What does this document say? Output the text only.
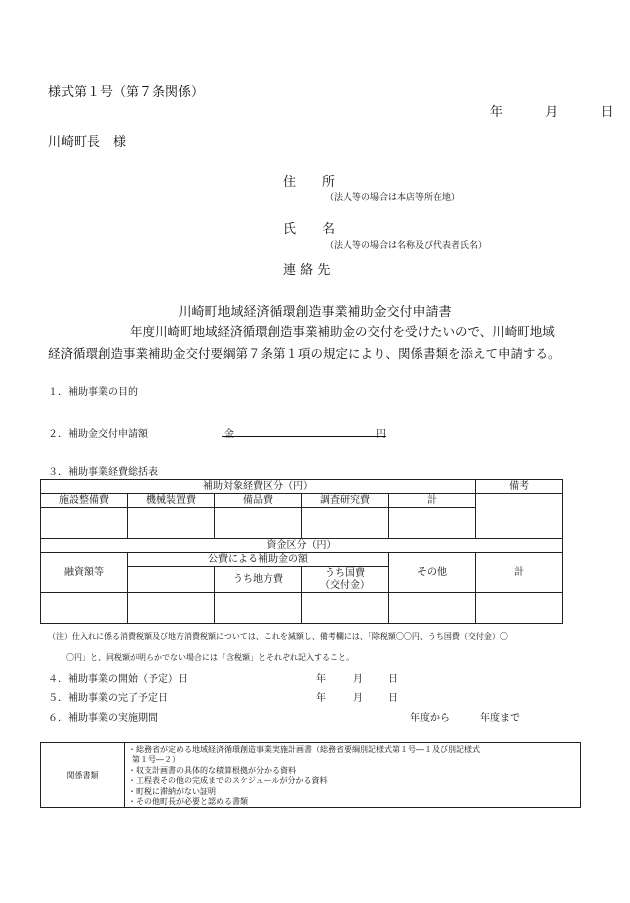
様式第１号（第７条関係）
年	月	日
川崎町長　様
住　　所
（法人等の場合は本店等所在地）
氏　　名
（法人等の場合は名称及び代表者氏名）
連 絡 先
川崎町地域経済循環創造事業補助金交付申請書
年度川崎町地域経済循環創造事業補助金の交付を受けたいので、川崎町地域
経済循環創造事業補助金交付要綱第７条第１項の規定により、関係書類を添えて申請する。
１．補助事業の目的
２．補助金交付申請額	金	円
３．補助事業経費総括表
補助対象経費区分（円）					備考
施設整備費	機械装置費	備品費	調査研究費	計	

資金区分（円）					
融資額等	公費による補助金の額			その他	計
		うち地方費	うち国費
（交付金）		

（注）仕入れに係る消費税額及び地方消費税額については、これを減額し、備考欄には、「除税額〇〇円、うち国費（交付金）〇
〇円」と、同税額が明らかでない場合には「含税額」とそれぞれ記入すること。
４．補助事業の開始（予定）日	年	月	日
５．補助事業の完了予定日	年	月	日
６．補助事業の実施期間	年度から	年度まで
関係書類	
・総務省が定める地域経済循環創造事業実施計画書（総務省要綱別記様式第１号―１及び別記様式
第１号―２）
・収支計画書の具体的な積算根拠が分かる資料
・工程表その他の完成までのスケジュールが分かる資料
・町税に滞納がない証明
・その他町長が必要と認める書類
